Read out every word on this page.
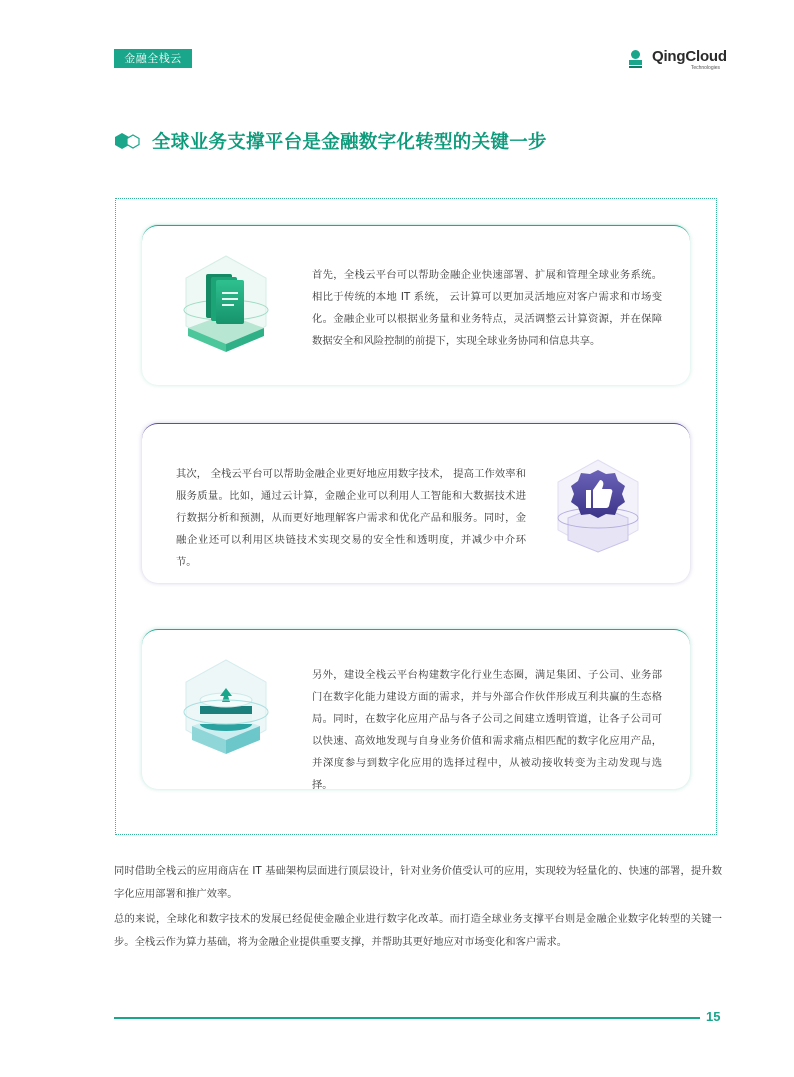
金融全栈云	QingCloud
Technologies
全球业务支撑平台是金融数字化转型的关键一步
首先，全栈云平台可以帮助金融企业快速部署、扩展和管理全球业务系统。相比于传统的本地 IT 系统， 云计算可以更加灵活地应对客户需求和市场变化。金融企业可以根据业务量和业务特点，灵活调整云计算资源，并在保障数据安全和风险控制的前提下，实现全球业务协同和信息共享。
其次， 全栈云平台可以帮助金融企业更好地应用数字技术， 提高工作效率和服务质量。比如，通过云计算，金融企业可以利用人工智能和大数据技术进行数据分析和预测，从而更好地理解客户需求和优化产品和服务。同时，金融企业还可以利用区块链技术实现交易的安全性和透明度，并减少中介环节。
另外，建设全栈云平台构建数字化行业生态圈，满足集团、子公司、业务部门在数字化能力建设方面的需求，并与外部合作伙伴形成互利共赢的生态格局。同时，在数字化应用产品与各子公司之间建立透明管道，让各子公司可以快速、高效地发现与自身业务价值和需求痛点相匹配的数字化应用产品，并深度参与到数字化应用的选择过程中，从被动接收转变为主动发现与选择。
同时借助全栈云的应用商店在 IT 基础架构层面进行顶层设计，针对业务价值受认可的应用，实现较为轻量化的、快速的部署，提升数字化应用部署和推广效率。
总的来说，全球化和数字技术的发展已经促使金融企业进行数字化改革。而打造全球业务支撑平台则是金融企业数字化转型的关键一步。全栈云作为算力基础，将为金融企业提供重要支撑，并帮助其更好地应对市场变化和客户需求。
15
